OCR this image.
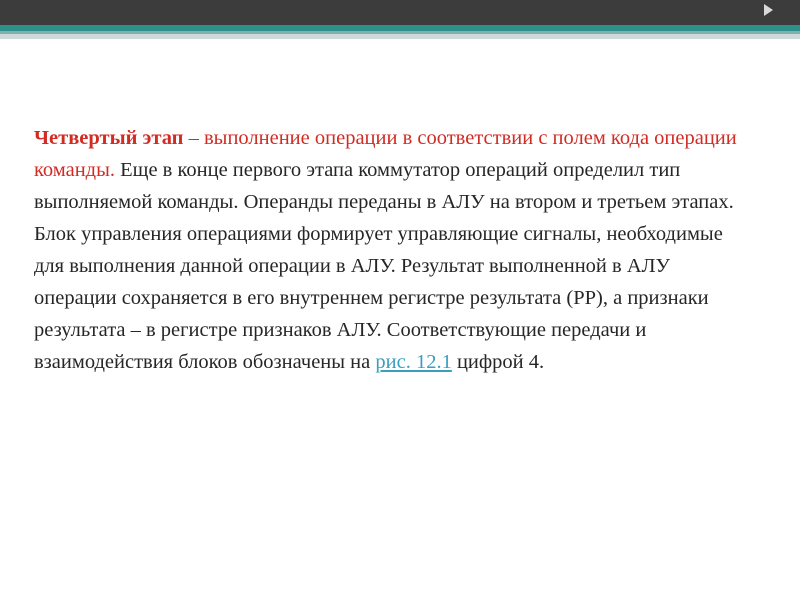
Четвертый этап – выполнение операции в соответствии с полем кода операции команды. Еще в конце первого этапа коммутатор операций определил тип выполняемой команды. Операнды переданы в АЛУ на втором и третьем этапах. Блок управления операциями формирует управляющие сигналы, необходимые для выполнения данной операции в АЛУ. Результат выполненной в АЛУ операции сохраняется в его внутреннем регистре результата (РР), а признаки результата – в регистре признаков АЛУ. Соответствующие передачи и взаимодействия блоков обозначены на рис. 12.1 цифрой 4.
